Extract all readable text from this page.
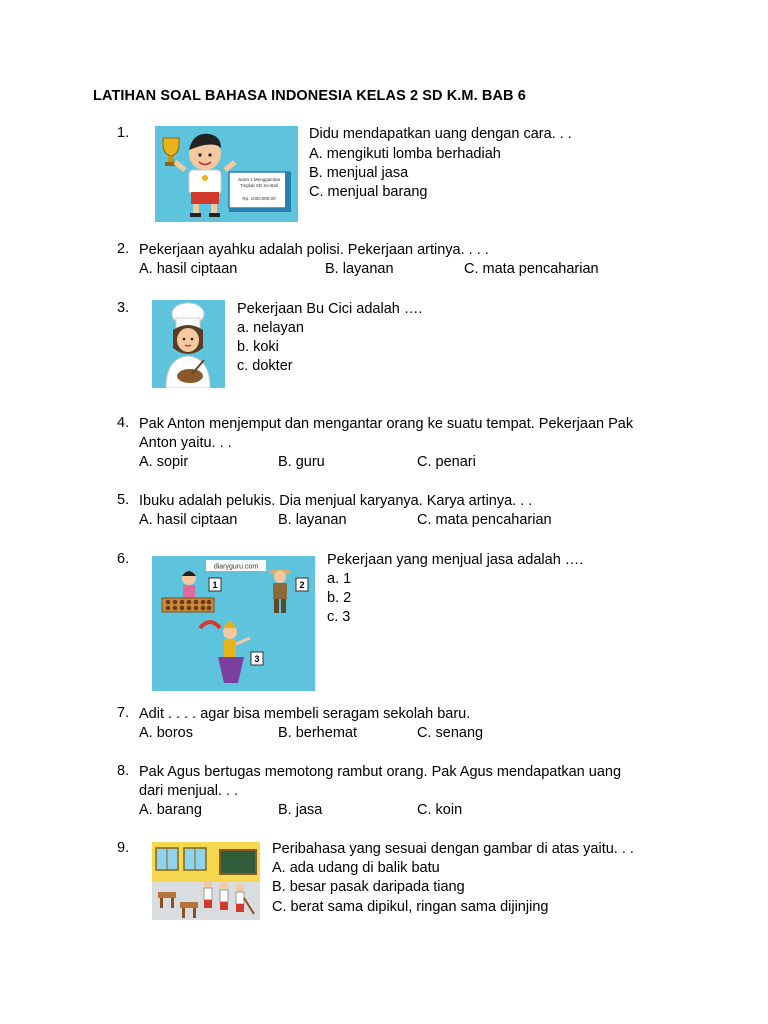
LATIHAN SOAL BAHASA INDONESIA KELAS 2 SD K.M. BAB 6
1.
Juara 1 Menggambar
Tingkat SD Se-Bali
Rp. 1000.000,00
Didu mendapatkan uang dengan cara. . .
A. mengikuti lomba berhadiah
B. menjual jasa
C. menjual barang
2. Pekerjaan ayahku adalah polisi. Pekerjaan artinya. . . .
A. hasil ciptaan	B. layanan	C. mata pencaharian
3.	Pekerjaan Bu Cici adalah ….
a. nelayan
b. koki
c. dokter
4. Pak Anton menjemput dan mengantar orang ke suatu tempat. Pekerjaan Pak
Anton yaitu. . .
A. sopir	B. guru	C. penari
5. Ibuku adalah pelukis. Dia menjual karyanya. Karya artinya. . .
A. hasil ciptaan	B. layanan	C. mata pencaharian
6.	diaryguru.com
1	2
3
Pekerjaan yang menjual jasa adalah ….
a. 1
b. 2
c. 3
7. Adit . . . . agar bisa membeli seragam sekolah baru.
A. boros	B. berhemat	C. senang
8. Pak Agus bertugas memotong rambut orang. Pak Agus mendapatkan uang
dari menjual. . .
A. barang	B. jasa	C. koin
9.	Peribahasa yang sesuai dengan gambar di atas yaitu. . .
A. ada udang di balik batu
B. besar pasak daripada tiang
C. berat sama dipikul, ringan sama dijinjing
